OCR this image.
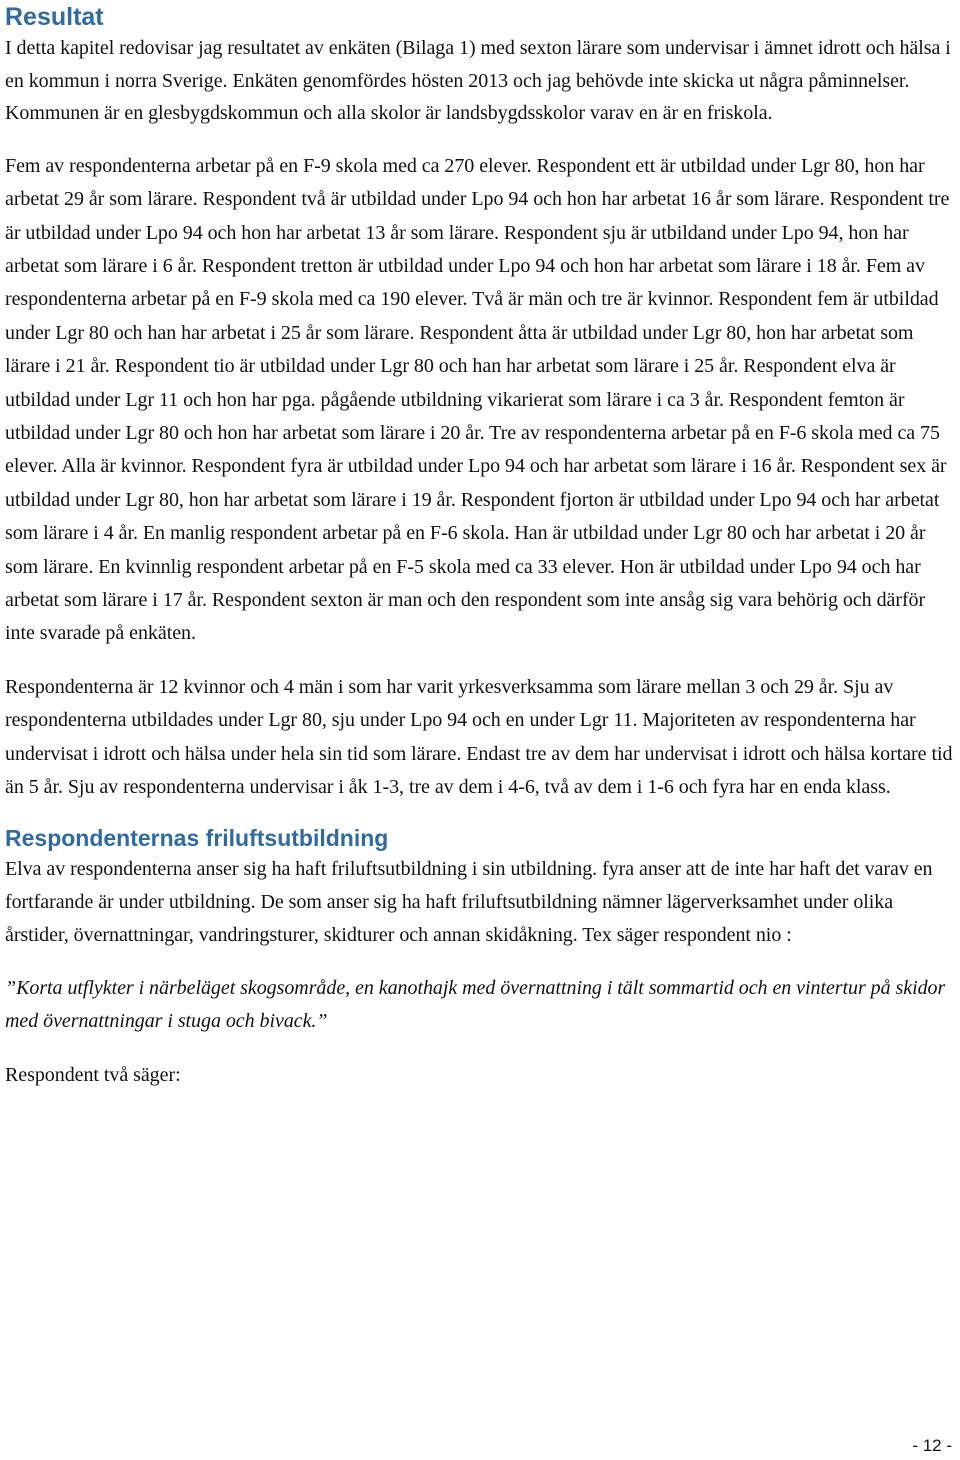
Resultat

I detta kapitel redovisar jag resultatet av enkäten (Bilaga 1) med sexton lärare som undervisar i ämnet idrott och hälsa i en kommun i norra Sverige. Enkäten genomfördes hösten 2013 och jag behövde inte skicka ut några påminnelser. Kommunen är en glesbygdskommun och alla skolor är landsbygdsskolor varav en är en friskola.

Fem av respondenterna arbetar på en F-9 skola med ca 270 elever. Respondent ett är utbildad under Lgr 80, hon har arbetat 29 år som lärare. Respondent två är utbildad under Lpo 94 och hon har arbetat 16 år som lärare. Respondent tre är utbildad under Lpo 94 och hon har arbetat 13 år som lärare. Respondent sju är utbildand under Lpo 94, hon har arbetat som lärare i 6 år. Respondent tretton är utbildad under Lpo 94 och hon har arbetat som lärare i 18 år. Fem av respondenterna arbetar på en F-9 skola med ca 190 elever. Två är män och tre är kvinnor. Respondent fem är utbildad under Lgr 80 och han har arbetat i 25 år som lärare. Respondent åtta är utbildad under Lgr 80, hon har arbetat som lärare i 21 år. Respondent tio är utbildad under Lgr 80 och han har arbetat som lärare i 25 år. Respondent elva är utbildad under Lgr 11 och hon har pga. pågående utbildning vikarierat som lärare i ca 3 år. Respondent femton är utbildad under Lgr 80 och hon har arbetat som lärare i 20 år. Tre av respondenterna arbetar på en F-6 skola med ca 75 elever. Alla är kvinnor. Respondent fyra är utbildad under Lpo 94 och har arbetat som lärare i 16 år. Respondent sex är utbildad under Lgr 80, hon har arbetat som lärare i 19 år. Respondent fjorton är utbildad under Lpo 94 och har arbetat som lärare i 4 år. En manlig respondent arbetar på en F-6 skola. Han är utbildad under Lgr 80 och har arbetat i 20 år som lärare. En kvinnlig respondent arbetar på en F-5 skola med ca 33 elever. Hon är utbildad under Lpo 94 och har arbetat som lärare i 17 år. Respondent sexton är man och den respondent som inte ansåg sig vara behörig och därför inte svarade på enkäten.

Respondenterna är 12 kvinnor och 4 män i som har varit yrkesverksamma som lärare mellan 3 och 29 år. Sju av respondenterna utbildades under Lgr 80, sju under Lpo 94 och en under Lgr 11. Majoriteten av respondenterna har undervisat i idrott och hälsa under hela sin tid som lärare. Endast tre av dem har undervisat i idrott och hälsa kortare tid än 5 år. Sju av respondenterna undervisar i åk 1-3, tre av dem i 4-6, två av dem i 1-6 och fyra har en enda klass.

Respondenternas friluftsutbildning

Elva av respondenterna anser sig ha haft friluftsutbildning i sin utbildning. fyra anser att de inte har haft det varav en fortfarande är under utbildning. De som anser sig ha haft friluftsutbildning nämner lägerverksamhet under olika årstider, övernattningar, vandringsturer, skidturer och annan skidåkning. Tex säger respondent nio :

”Korta utflykter i närbeläget skogsområde, en kanothajk med övernattning i tält sommartid och en vintertur på skidor med övernattningar i stuga och bivack.”

Respondent två säger:

- 12 -
